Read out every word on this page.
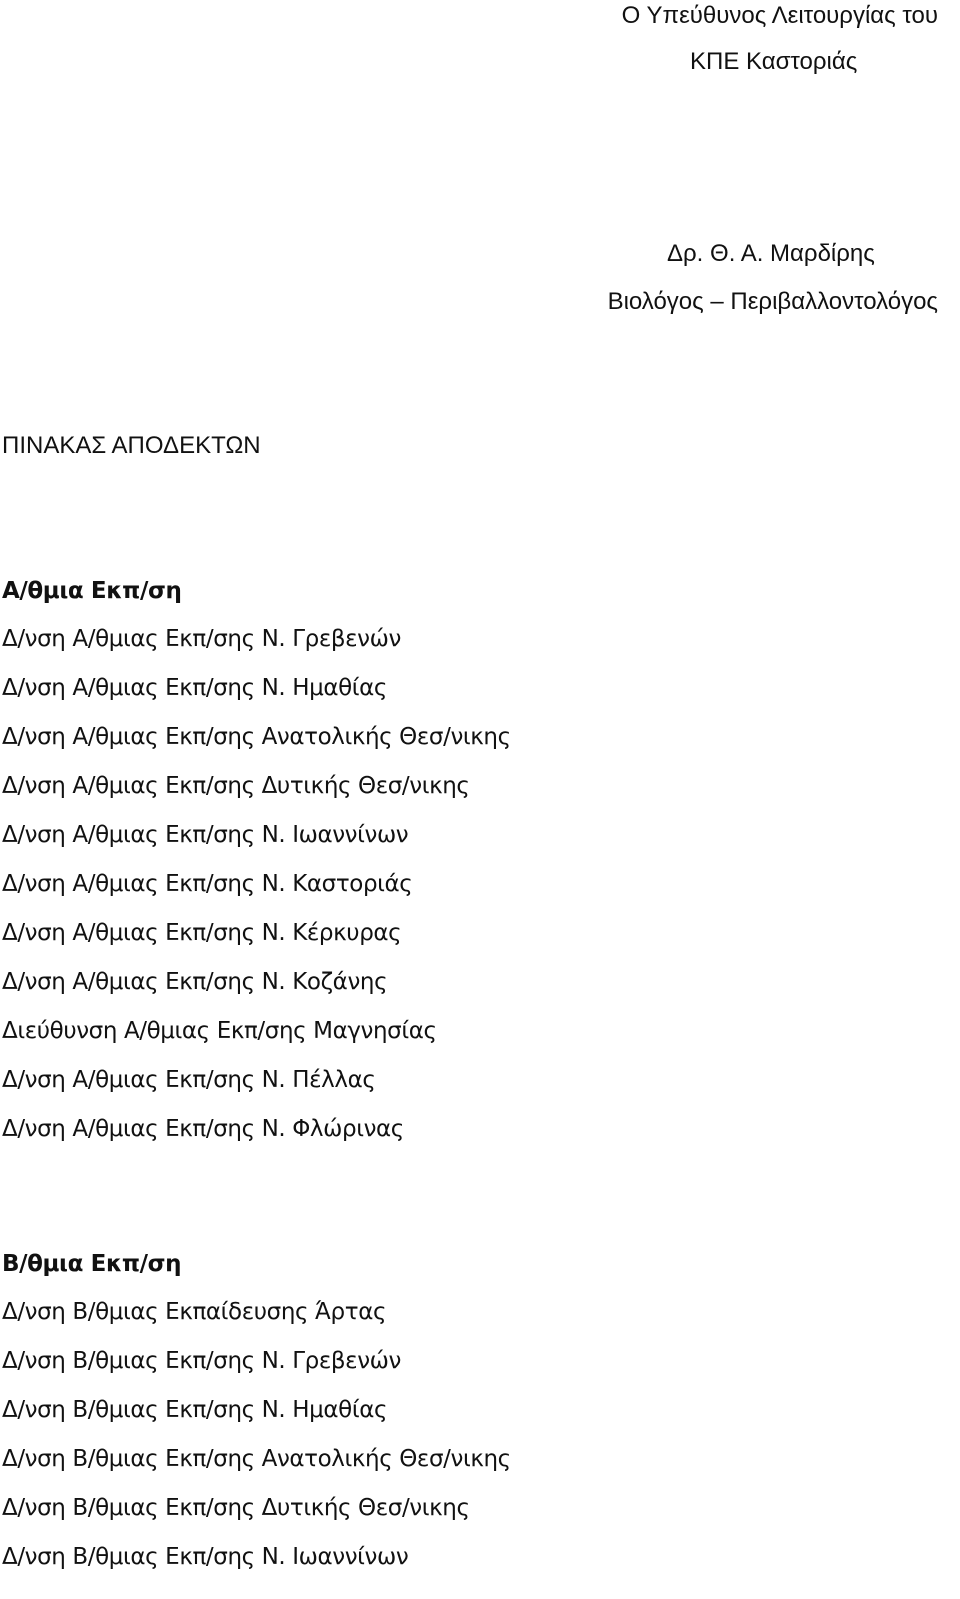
Ο Υπεύθυνος Λειτουργίας του
ΚΠΕ Καστοριάς
Δρ. Θ. Α. Μαρδίρης
Βιολόγος – Περιβαλλοντολόγος
ΠΙΝΑΚΑΣ ΑΠΟΔΕΚΤΩΝ
Α/θμια Εκπ/ση
Δ/νση Α/θμιας Εκπ/σης Ν. Γρεβενών
Δ/νση Α/θμιας Εκπ/σης Ν. Ημαθίας
Δ/νση Α/θμιας Εκπ/σης Ανατολικής Θεσ/νικης
Δ/νση Α/θμιας Εκπ/σης Δυτικής Θεσ/νικης
Δ/νση Α/θμιας Εκπ/σης Ν. Ιωαννίνων
Δ/νση Α/θμιας Εκπ/σης Ν. Καστοριάς
Δ/νση Α/θμιας Εκπ/σης Ν. Κέρκυρας
Δ/νση Α/θμιας Εκπ/σης Ν. Κοζάνης
Διεύθυνση Α/θμιας Εκπ/σης Μαγνησίας
Δ/νση Α/θμιας Εκπ/σης Ν. Πέλλας
Δ/νση Α/θμιας Εκπ/σης Ν. Φλώρινας
Β/θμια Εκπ/ση
Δ/νση Β/θμιας Εκπαίδευσης Άρτας
Δ/νση Β/θμιας Εκπ/σης Ν. Γρεβενών
Δ/νση Β/θμιας Εκπ/σης Ν. Ημαθίας
Δ/νση Β/θμιας Εκπ/σης Ανατολικής Θεσ/νικης
Δ/νση Β/θμιας Εκπ/σης Δυτικής Θεσ/νικης
Δ/νση Β/θμιας Εκπ/σης Ν. Ιωαννίνων
